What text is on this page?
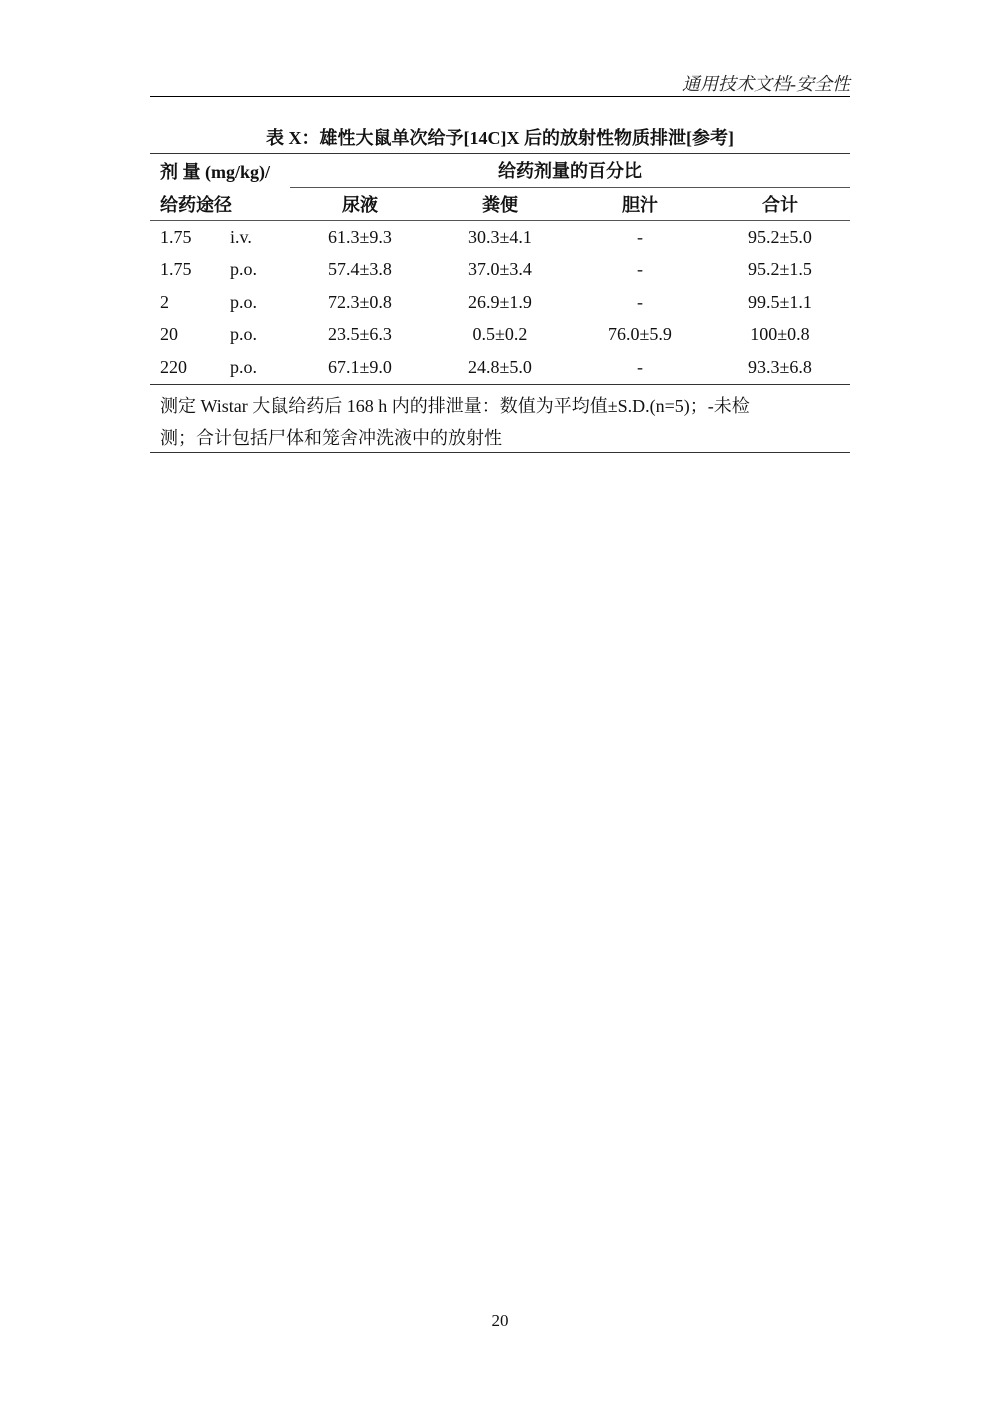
通用技术文档-安全性
表 X：雄性大鼠单次给予[14C]X 后的放射性物质排泄[参考]
剂 量 (mg/kg)/		给药剂量的百分比			
给药途径		尿液	粪便	胆汁	合计
1.75	i.v.	61.3±9.3	30.3±4.1	-	95.2±5.0
1.75	p.o.	57.4±3.8	37.0±3.4	-	95.2±1.5
2	p.o.	72.3±0.8	26.9±1.9	-	99.5±1.1
20	p.o.	23.5±6.3	0.5±0.2	76.0±5.9	100±0.8
220	p.o.	67.1±9.0	24.8±5.0	-	93.3±6.8
测定 Wistar 大鼠给药后 168 h 内的排泄量：数值为平均值±S.D.(n=5)；-未检
测；合计包括尸体和笼舍冲洗液中的放射性
20
